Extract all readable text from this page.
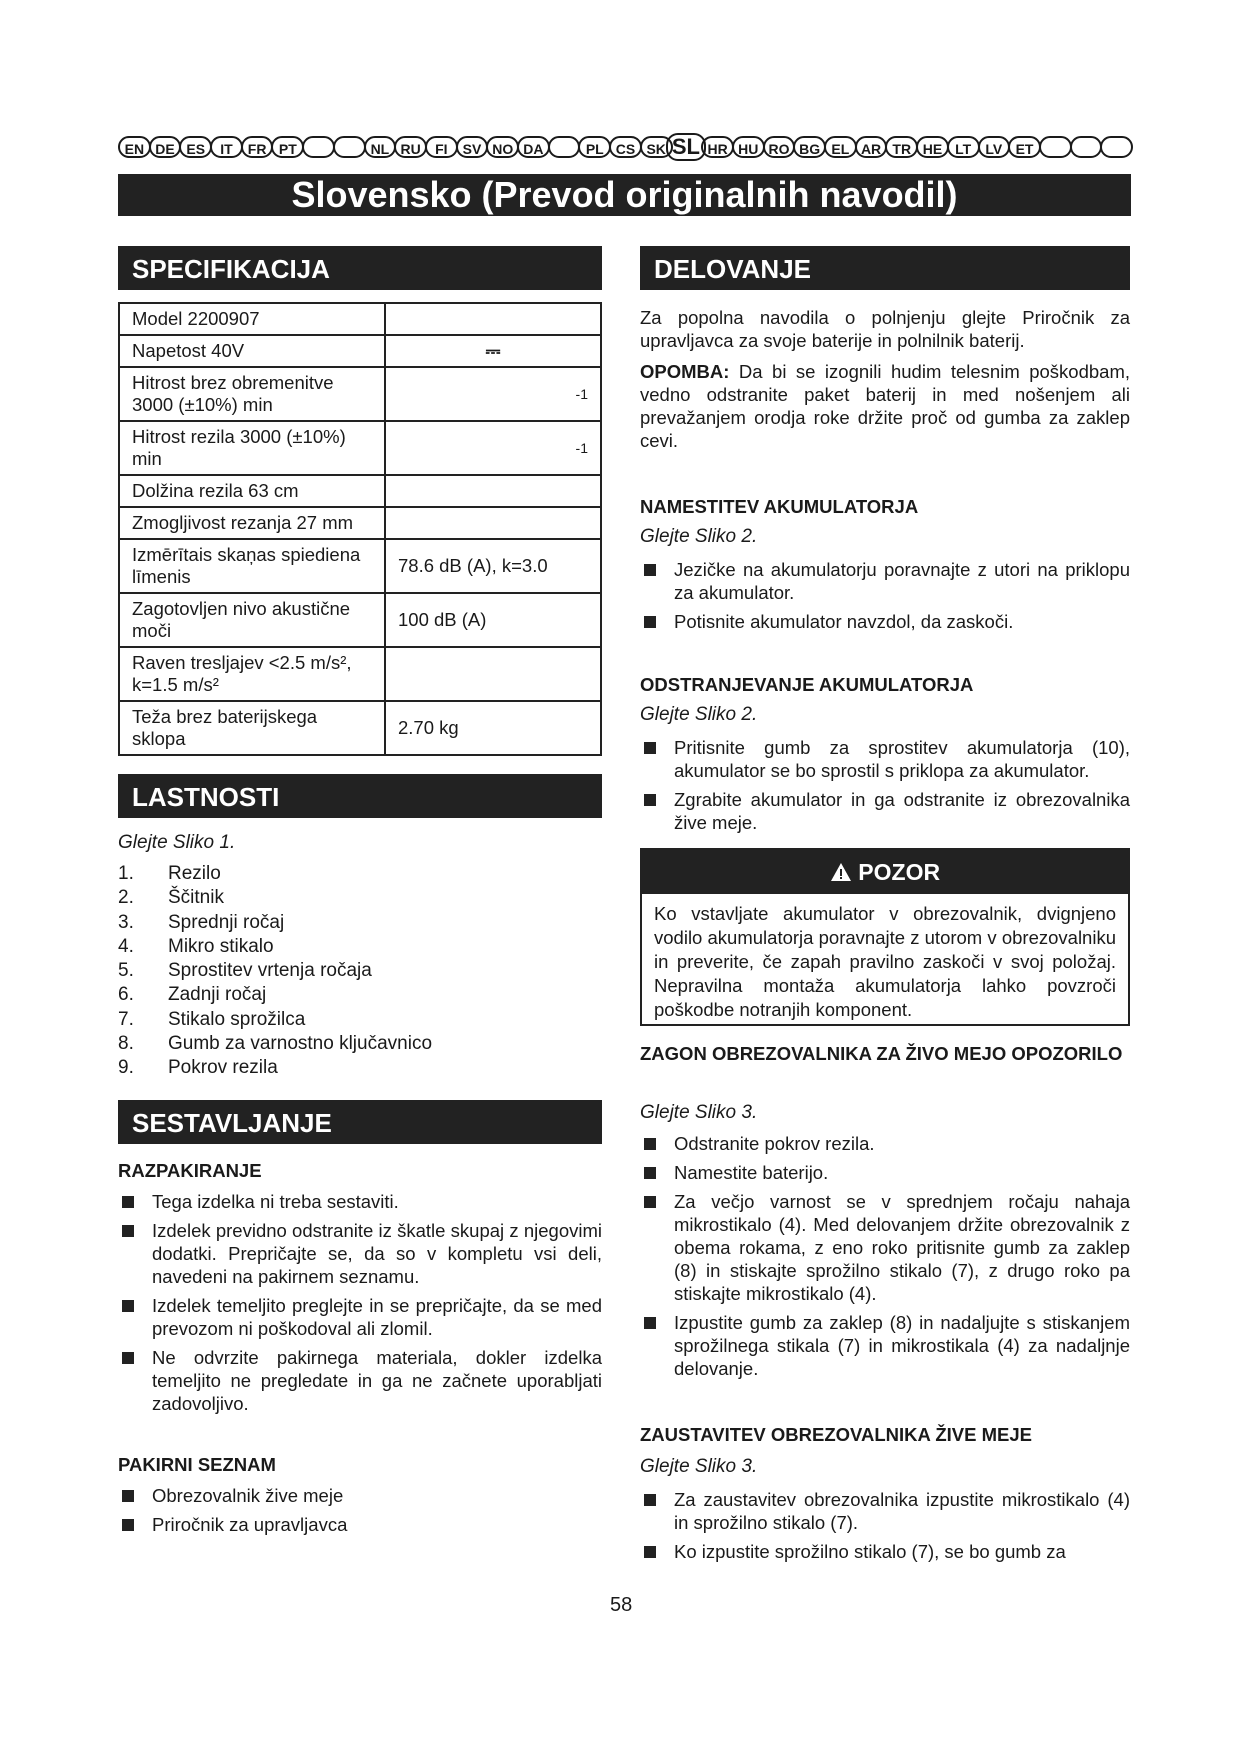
EN DE ES	IT	FR PT	NL RU	FI	SV NO DA	PL CS SK SL HR HU RO BG EL AR TR HE LT	LV ET
Slovensko (Prevod originalnih navodil)
SPECIFIKACIJA
Model 2200907	
Napetost 40V	⎓
Hitrost brez obremenitve 3000 (±10%) min	-1

Hitrost rezila 3000 (±10%) min	-1

Dolžina rezila 63 cm	
Zmogljivost rezanja 27 mm	
Izmērītais skaņas spiediena līmenis	78.6 dB (A), k=3.0
Zagotovljen nivo akustične moči	100 dB (A)
Raven tresljajev <2.5 m/s², k=1.5 m/s²	
Teža brez baterijskega sklopa	2.70 kg
LASTNOSTI

Glejte Sliko 1.

1. Rezilo
2. Ščitnik
3. Sprednji ročaj
4. Mikro stikalo
5. Sprostitev vrtenja ročaja
6. Zadnji ročaj
7. Stikalo sprožilca
8. Gumb za varnostno ključavnico
9. Pokrov rezila
SESTAVLJANJE

RAZPAKIRANJE

Tega izdelka ni treba sestaviti.
Izdelek previdno odstranite iz škatle skupaj z njegovimi dodatki. Prepričajte se, da so v kompletu vsi deli, navedeni na pakirnem seznamu.
Izdelek temeljito preglejte in se prepričajte, da se med prevozom ni poškodoval ali zlomil.
Ne odvrzite pakirnega materiala, dokler izdelka temeljito ne pregledate in ga ne začnete uporabljati zadovoljivo.

PAKIRNI SEZNAM

Obrezovalnik žive meje
Priročnik za upravljavca
DELOVANJE

Za popolna navodila o polnjenju glejte Priročnik za upravljavca za svoje baterije in polnilnik baterij.

OPOMBA: Da bi se izognili hudim telesnim poškodbam, vedno odstranite paket baterij in med nošenjem ali prevažanjem orodja roke držite proč od gumba za zaklep cevi.

NAMESTITEV AKUMULATORJA

Glejte Sliko 2.

Jezičke na akumulatorju poravnajte z utori na priklopu za akumulator.
Potisnite akumulator navzdol, da zaskoči.

ODSTRANJEVANJE AKUMULATORJA

Glejte Sliko 2.

Pritisnite gumb za sprostitev akumulatorja (10), akumulator se bo sprostil s priklopa za akumulator.
Zgrabite akumulator in ga odstranite iz obrezovalnika žive meje.
POZOR
Ko vstavljate akumulator v obrezovalnik, dvignjeno vodilo akumulatorja poravnajte z utorom v obrezovalniku in preverite, če zapah pravilno zaskoči v svoj položaj. Nepravilna montaža akumulatorja lahko povzroči poškodbe notranjih komponent.

ZAGON OBREZOVALNIKA ZA ŽIVO MEJO OPOZORILO

Glejte Sliko 3.

Odstranite pokrov rezila.
Namestite baterijo.
Za večjo varnost se v sprednjem ročaju nahaja mikrostikalo (4). Med delovanjem držite obrezovalnik z obema rokama, z eno roko pritisnite gumb za zaklep (8) in stiskajte sprožilno stikalo (7), z drugo roko pa stiskajte mikrostikalo (4).
Izpustite gumb za zaklep (8) in nadaljujte s stiskanjem sprožilnega stikala (7) in mikrostikala (4) za nadaljnje delovanje.

ZAUSTAVITEV OBREZOVALNIKA ŽIVE MEJE

Glejte Sliko 3.

Za zaustavitev obrezovalnika izpustite mikrostikalo (4) in sprožilno stikalo (7).
Ko izpustite sprožilno stikalo (7), se bo gumb za
58
